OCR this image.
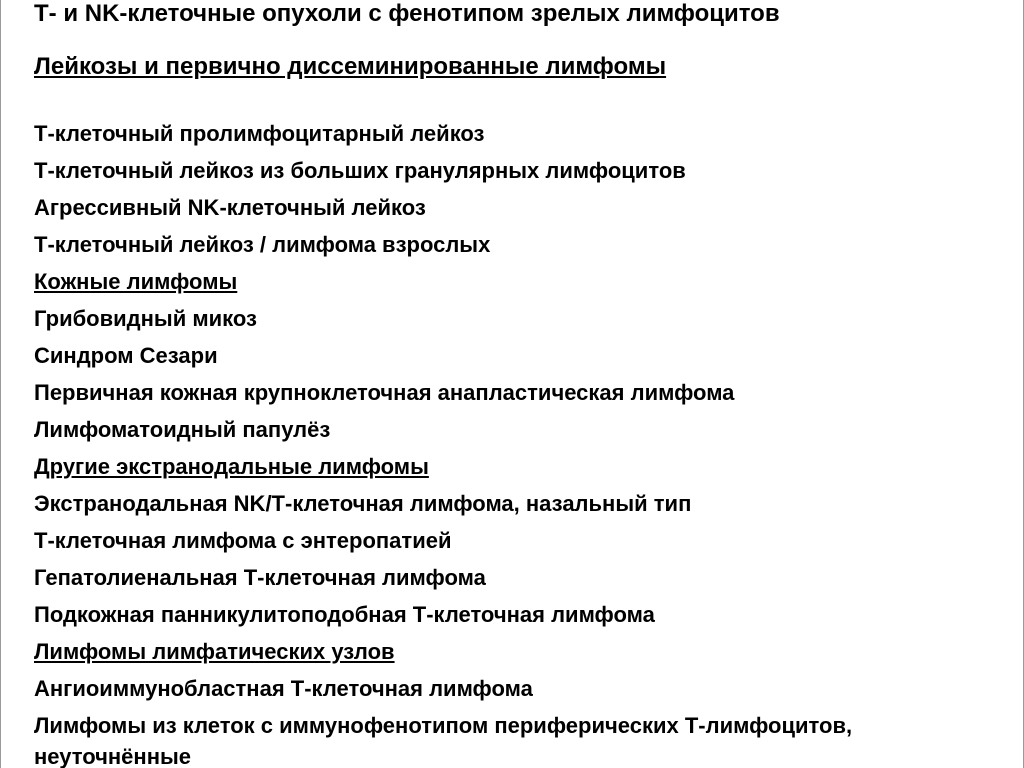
Т- и NK-клеточные опухоли с фенотипом зрелых лимфоцитов
Лейкозы и первично диссеминированные лимфомы
Т-клеточный пролимфоцитарный лейкоз
Т-клеточный лейкоз из больших гранулярных лимфоцитов
Агрессивный NK-клеточный лейкоз
Т-клеточный лейкоз / лимфома взрослых
Кожные лимфомы
Грибовидный микоз
Синдром Сезари
Первичная кожная крупноклеточная анапластическая лимфома
Лимфоматоидный папулёз
Другие экстранодальные лимфомы
Экстранодальная NK/Т-клеточная лимфома, назальный тип
Т-клеточная лимфома с энтеропатией
Гепатолиенальная Т-клеточная лимфома
Подкожная панникулитоподобная Т-клеточная лимфома
Лимфомы лимфатических узлов
Ангиоиммунобластная Т-клеточная лимфома
Лимфомы из клеток с иммунофенотипом периферических Т-лимфоцитов,
неуточнённые
